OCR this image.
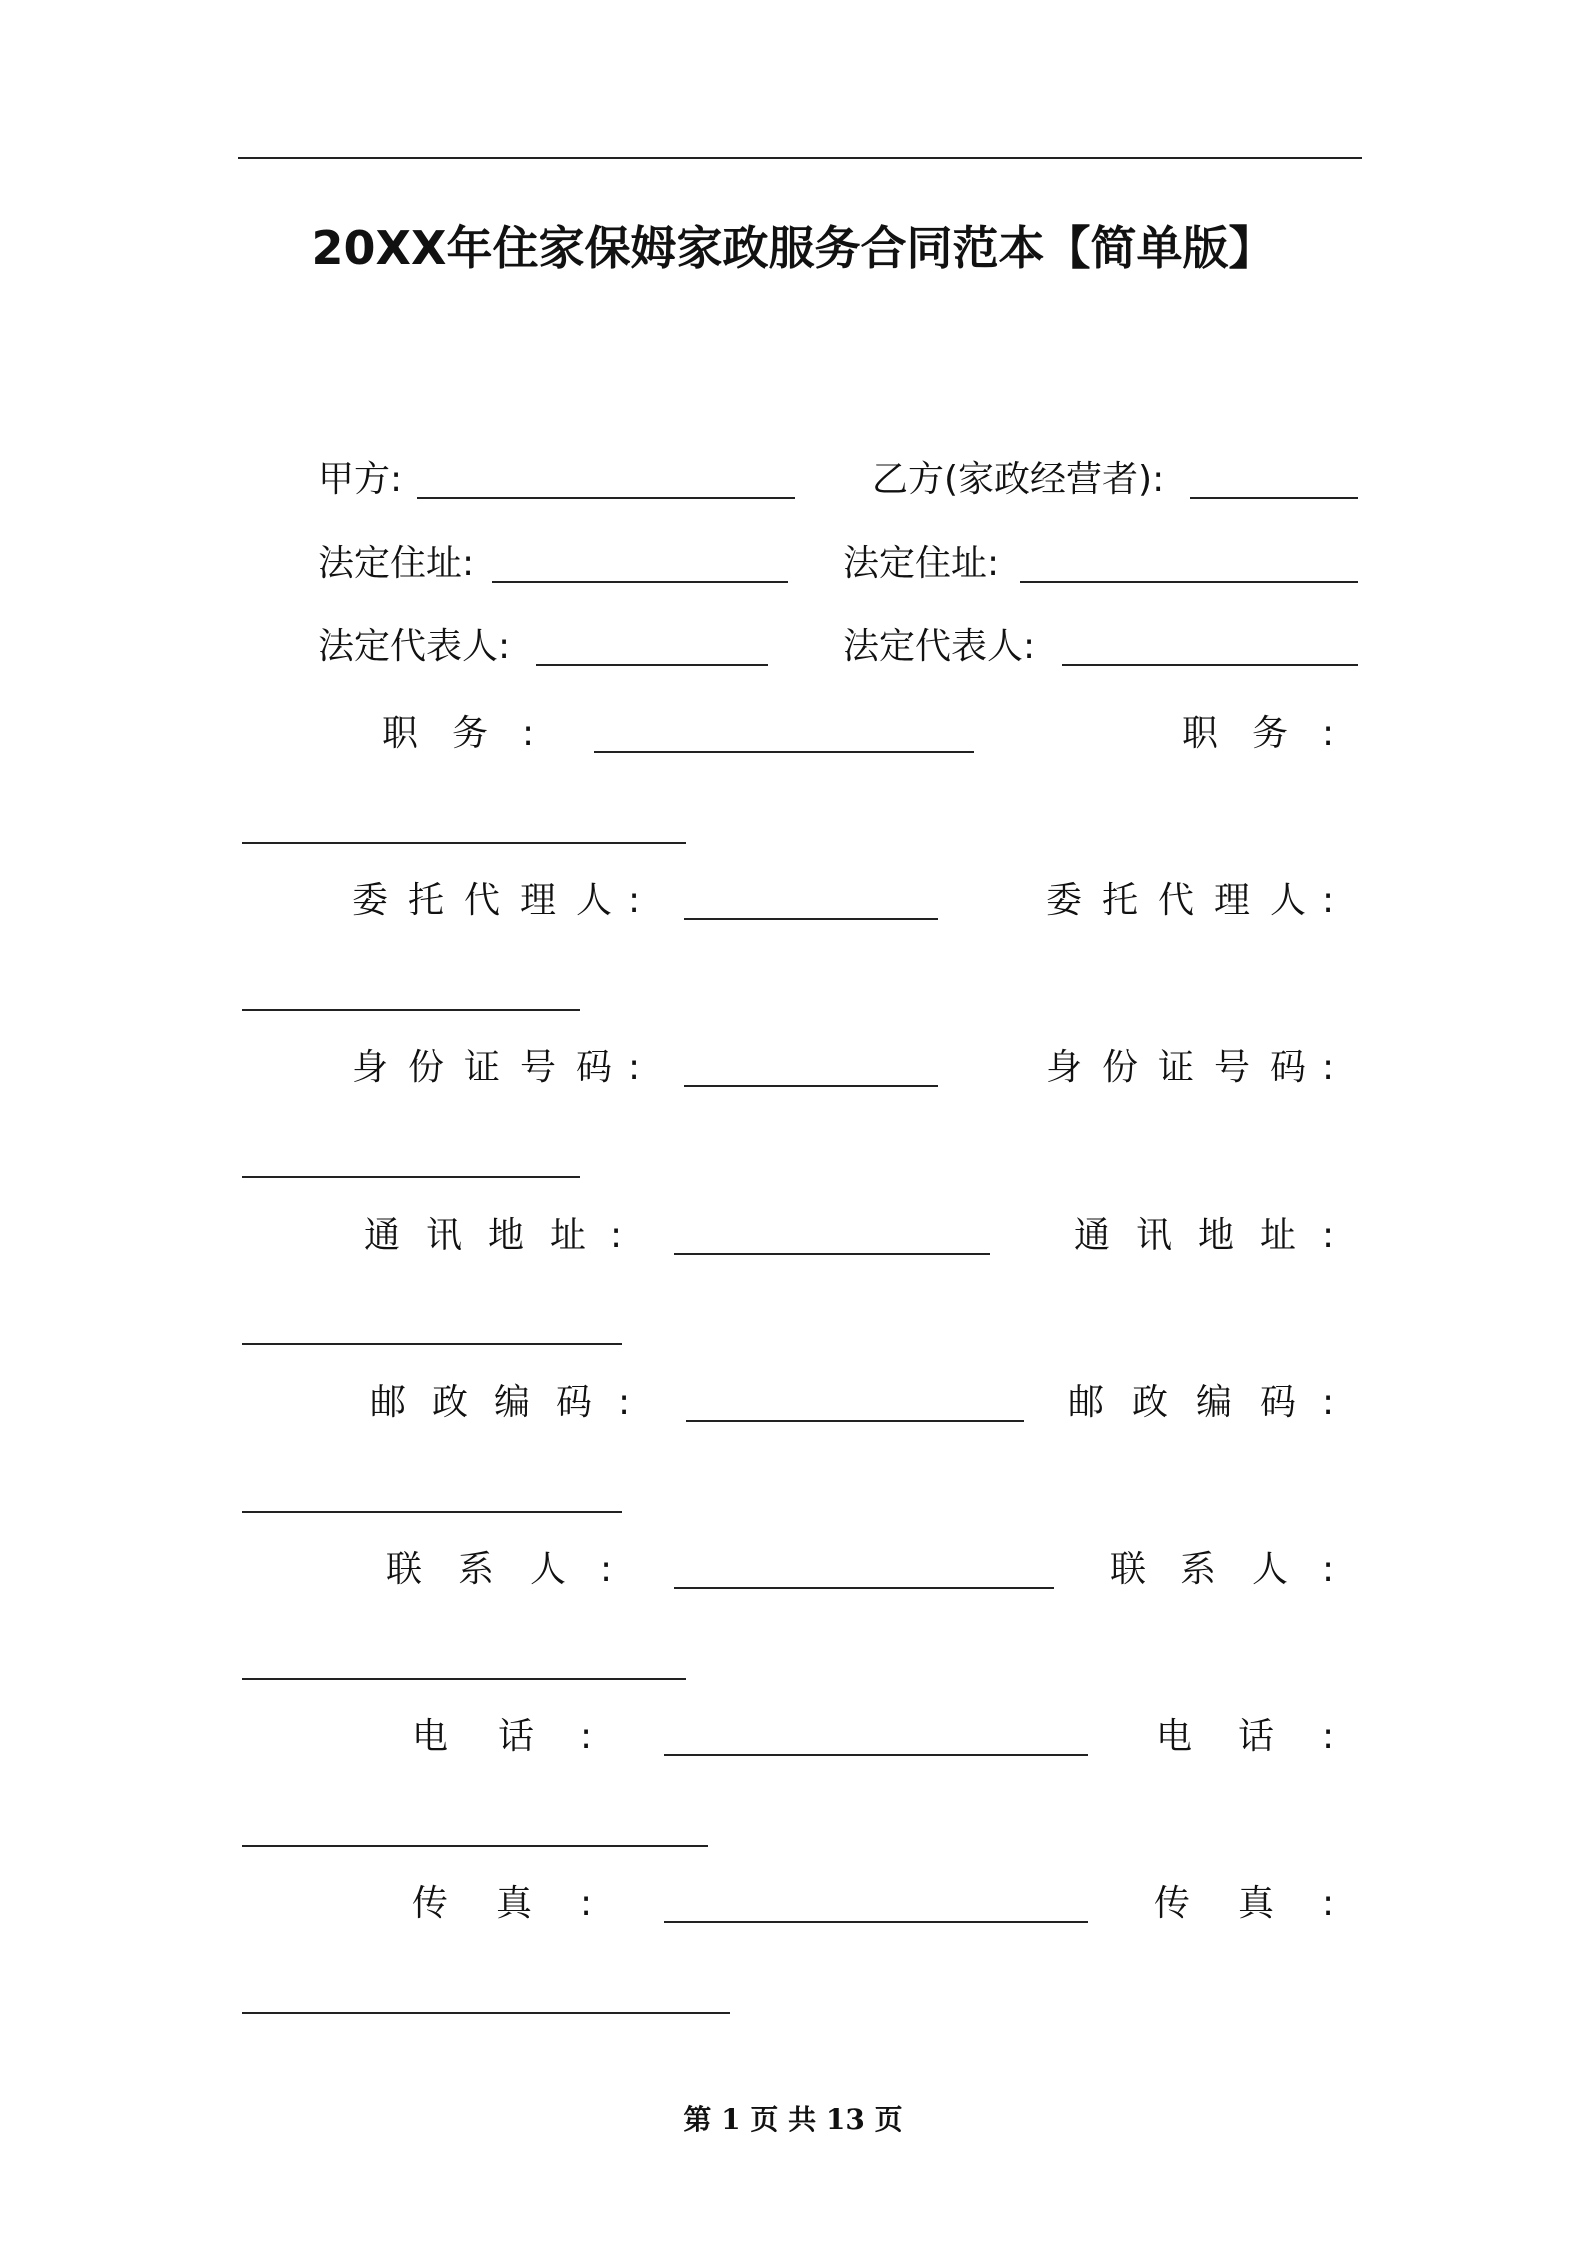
20XX年住家保姆家政服务合同范本【简单版】
甲方:	乙方(家政经营者):
法定住址:	法定住址:
法定代表人:	法定代表人:
职 务 :	职 务 :
委 托 代 理 人 :	委 托 代 理 人 :
身 份 证 号 码 :	身 份 证 号 码 :
通 讯 地 址 :	通 讯 地 址 :
邮 政 编 码 :	邮 政 编 码 :
联 系 人 :	联 系 人 :
电 话 :	电 话 :
传 真 :	传 真 :
第 1 页 共 13 页
